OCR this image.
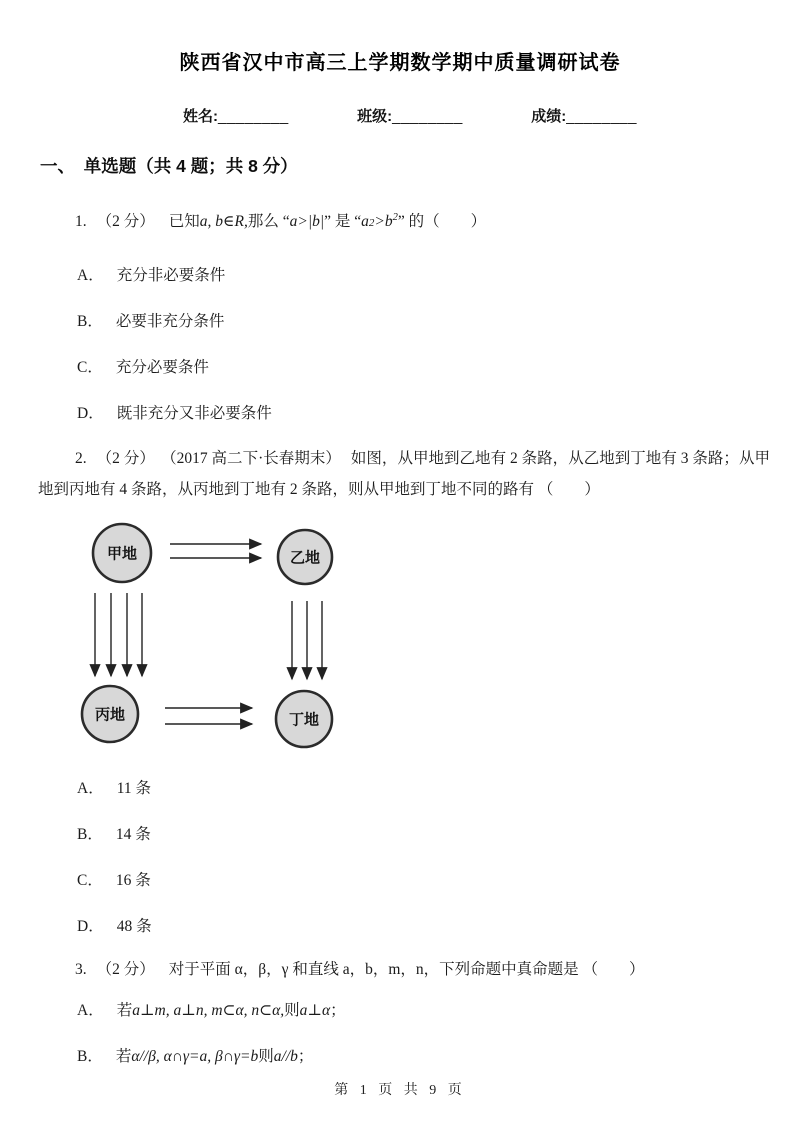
陕西省汉中市高三上学期数学期中质量调研试卷
姓名:________	班级:________	成绩:________
一、　单选题（共 4 题；共 8 分）

1. （2 分） 已知a, b∈R,那么 “a>|b|” 是 “$a2>b^2$” 的（　　）

A． 充分非必要条件
B． 必要非充分条件
C． 充分必要条件
D． 既非充分又非必要条件

2. （2 分） （2017 高二下·长春期末） 如图，从甲地到乙地有 2 条路，从乙地到丁地有 3 条路；从甲地到丙地有 4 条路，从丙地到丁地有 2 条路，则从甲地到丁地不同的路有 （　　）

甲地	乙地
丙地	丁地
A． 11 条
B． 14 条
C． 16 条
D． 48 条

3. （2 分） 对于平面 α，β，γ 和直线 a，b，m，n，下列命题中真命题是 （　　）

A． 若a⊥m, a⊥n, m⊂α, n⊂α,则a⊥α；
B． 若α//β, α∩γ=a, β∩γ=b则a//b；
第 1 页 共 9 页
